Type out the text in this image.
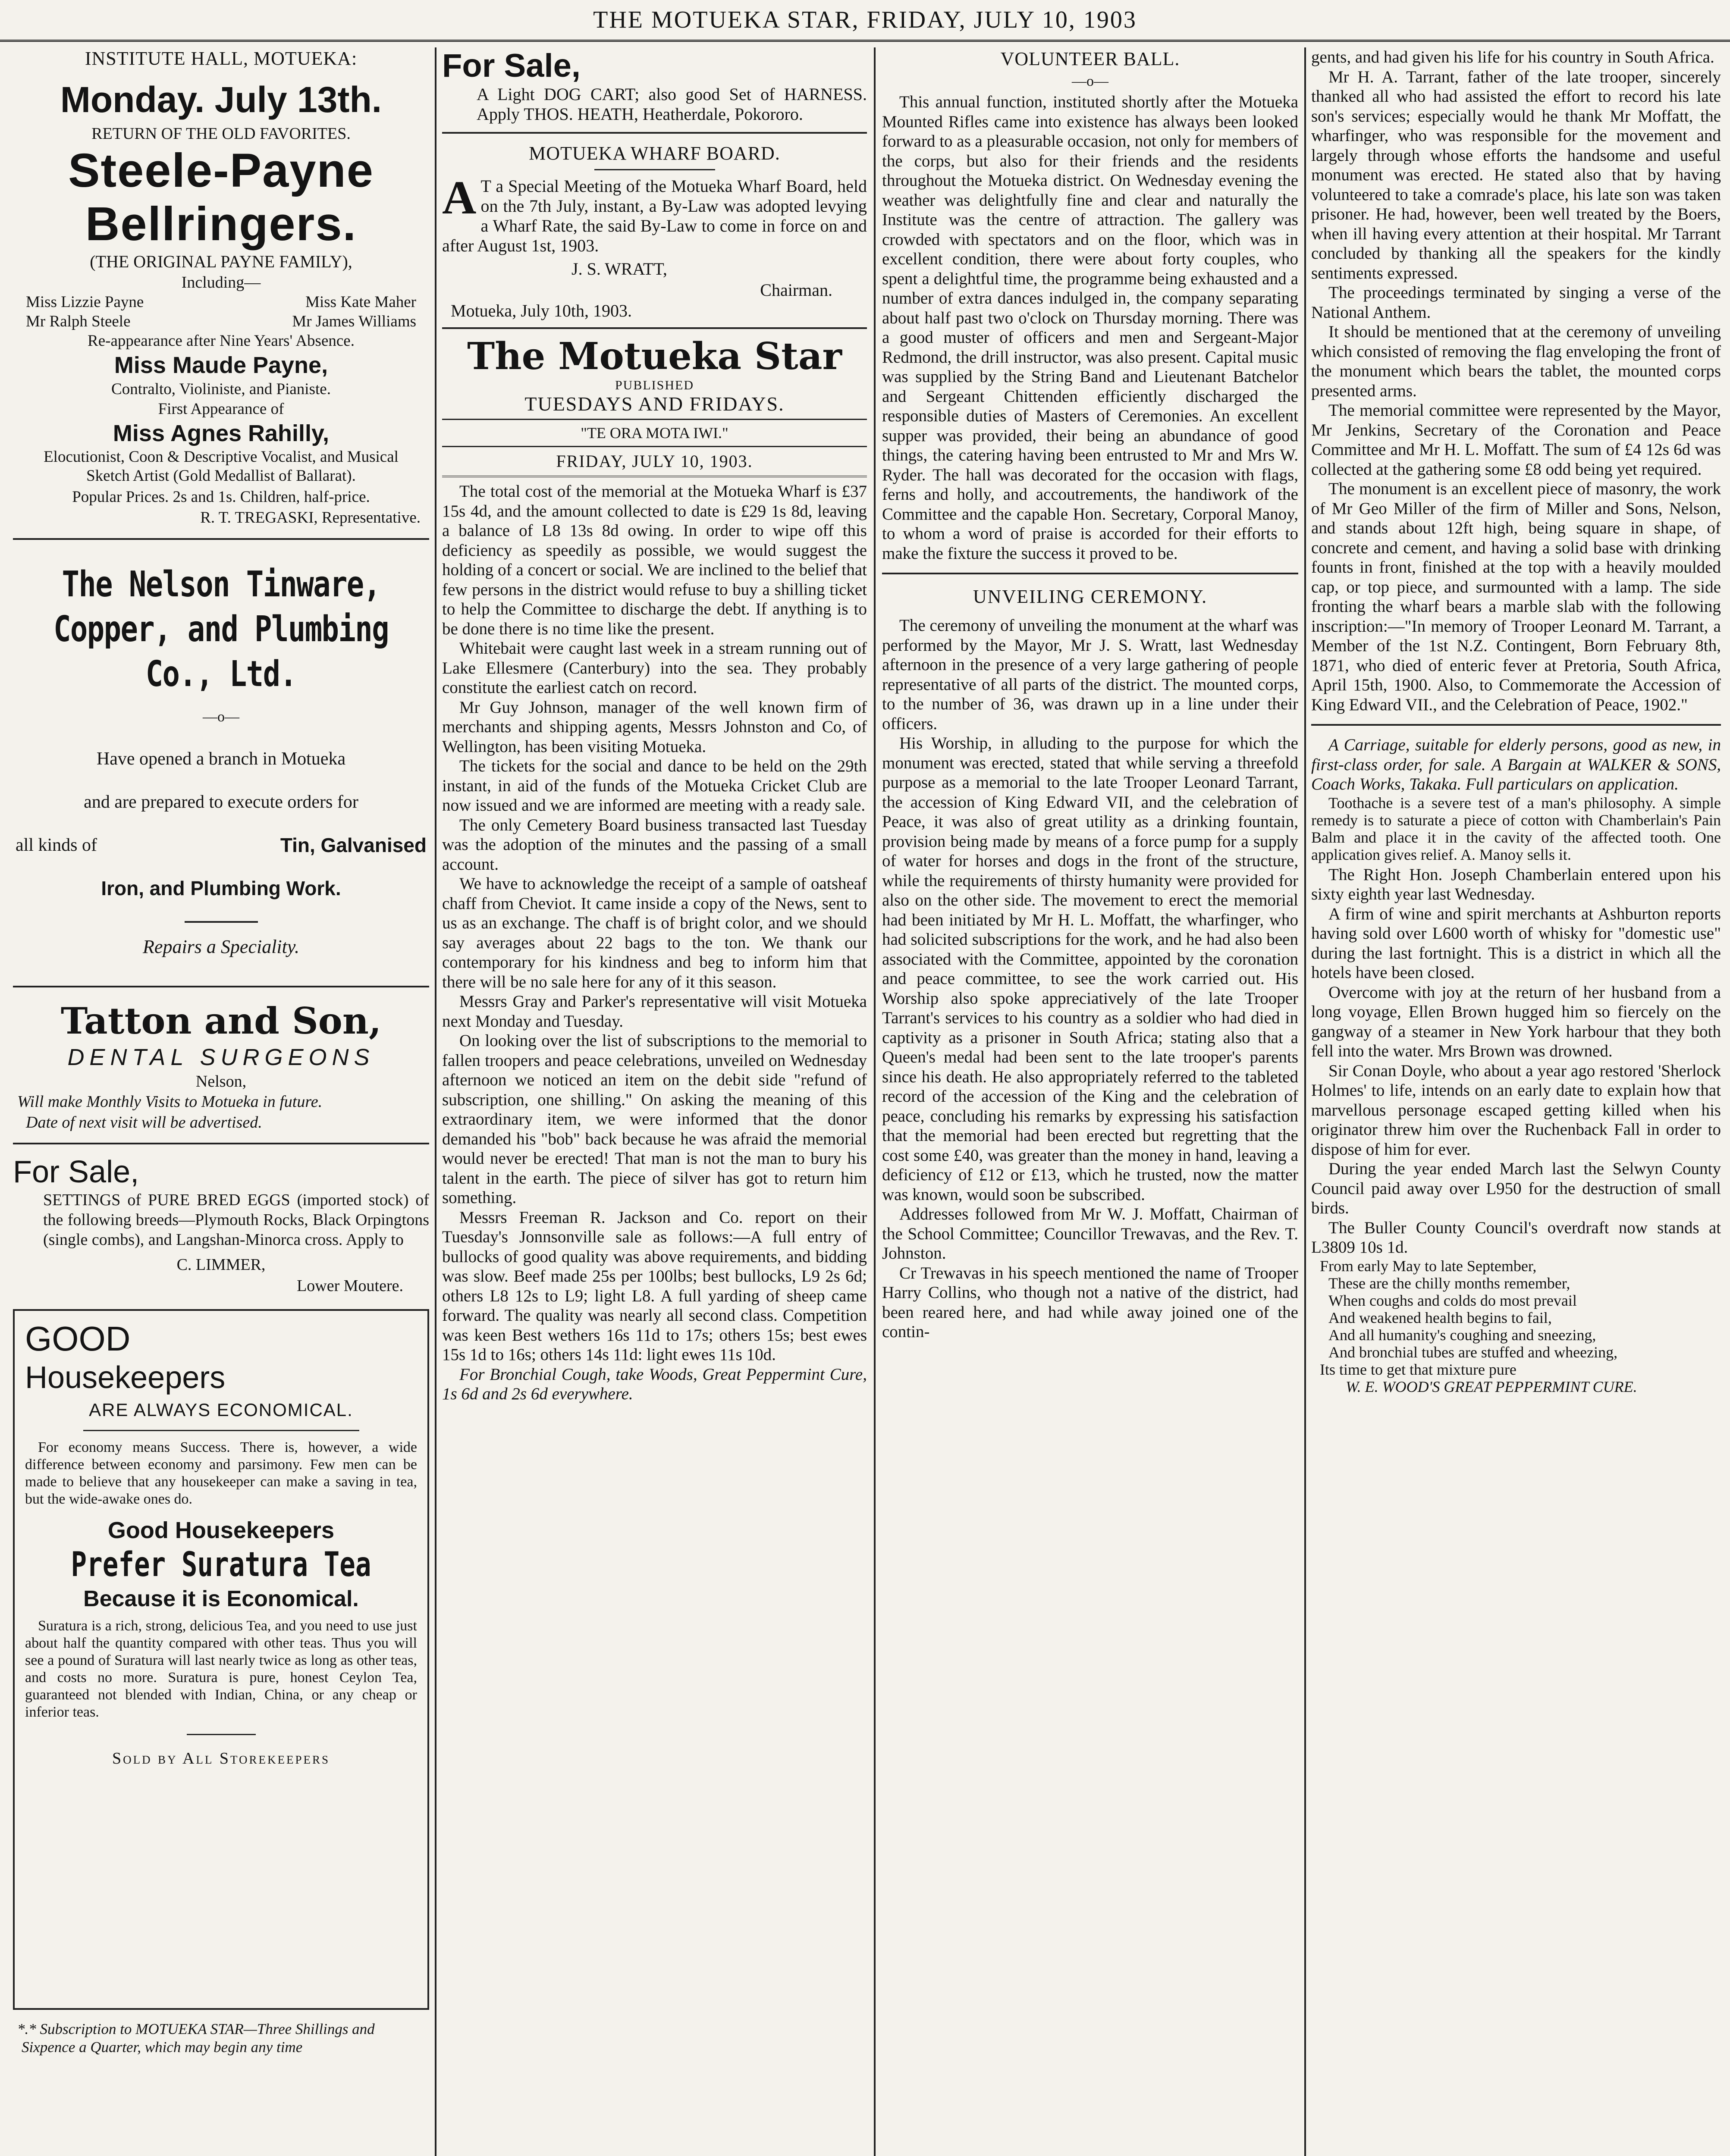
THE MOTUEKA STAR, FRIDAY, JULY 10, 1903
INSTITUTE HALL, MOTUEKA:
Monday. July 13th.
RETURN OF THE OLD FAVORITES.
Steele-Payne
Bellringers.
(THE ORIGINAL PAYNE FAMILY),
Including—
Miss Lizzie Payne	Miss Kate Maher
Mr Ralph Steele	Mr James Williams
Re-appearance after Nine Years' Absence.
Miss Maude Payne,
Contralto, Violiniste, and Pianiste.
First Appearance of
Miss Agnes Rahilly,
Elocutionist, Coon & Descriptive Vocalist, and Musical Sketch Artist (Gold Medallist of Ballarat).
Popular Prices. 2s and 1s. Children, half-price.
R. T. TREGASKI, Representative.
The Nelson Tinware,
Copper, and Plumbing
Co., Ltd.
—o—
Have opened a branch in Motueka
and are prepared to execute orders for
all kinds of	Tin, Galvanised
Iron, and Plumbing Work.
Repairs a Speciality.
Tatton and Son,
DENTAL SURGEONS
Nelson,
Will make Monthly Visits to Motueka in future.
Date of next visit will be advertised.
For Sale,
SETTINGS of PURE BRED EGGS (imported stock) of the following breeds—Plymouth Rocks, Black Orpingtons (single combs), and Langshan-Minorca cross. Apply to
C. LIMMER,
Lower Moutere.
GOOD
Housekeepers
ARE ALWAYS ECONOMICAL.
For economy means Success. There is, however, a wide difference between economy and parsimony. Few men can be made to believe that any housekeeper can make a saving in tea, but the wide-awake ones do.
Good Housekeepers
Prefer Suratura Tea
Because it is Economical.
Suratura is a rich, strong, delicious Tea, and you need to use just about half the quantity compared with other teas. Thus you will see a pound of Suratura will last nearly twice as long as other teas, and costs no more. Suratura is pure, honest Ceylon Tea, guaranteed not blended with Indian, China, or any cheap or inferior teas.
Sold by All Storekeepers
*.* Subscription to MOTUEKA STAR—Three Shillings and Sixpence a Quarter, which may begin any time
For Sale,
A Light DOG CART; also good Set of HARNESS. Apply THOS. HEATH, Heatherdale, Pokororo.
MOTUEKA WHARF BOARD.
A T a Special Meeting of the Motueka Wharf Board, held on the 7th July, instant, a By-Law was adopted levying a Wharf Rate, the said By-Law to come in force on and after August 1st, 1903.
J. S. WRATT,
Chairman.
Motueka, July 10th, 1903.
The Motueka Star
PUBLISHED
TUESDAYS AND FRIDAYS.
"TE ORA MOTA IWI."
FRIDAY, JULY 10, 1903.

The total cost of the memorial at the Motueka Wharf is £37 15s 4d, and the amount collected to date is £29 1s 8d, leaving a balance of L8 13s 8d owing. In order to wipe off this deficiency as speedily as possible, we would suggest the holding of a concert or social. We are inclined to the belief that few persons in the district would refuse to buy a shilling ticket to help the Committee to discharge the debt. If anything is to be done there is no time like the present.

Whitebait were caught last week in a stream running out of Lake Ellesmere (Canterbury) into the sea. They probably constitute the earliest catch on record.

Mr Guy Johnson, manager of the well known firm of merchants and shipping agents, Messrs Johnston and Co, of Wellington, has been visiting Motueka.

The tickets for the social and dance to be held on the 29th instant, in aid of the funds of the Motueka Cricket Club are now issued and we are informed are meeting with a ready sale.

The only Cemetery Board business transacted last Tuesday was the adoption of the minutes and the passing of a small account.

We have to acknowledge the receipt of a sample of oatsheaf chaff from Cheviot. It came inside a copy of the News, sent to us as an exchange. The chaff is of bright color, and we should say averages about 22 bags to the ton. We thank our contemporary for his kindness and beg to inform him that there will be no sale here for any of it this season.

Messrs Gray and Parker's representative will visit Motueka next Monday and Tuesday.

On looking over the list of subscriptions to the memorial to fallen troopers and peace celebrations, unveiled on Wednesday afternoon we noticed an item on the debit side "refund of subscription, one shilling." On asking the meaning of this extraordinary item, we were informed that the donor demanded his "bob" back because he was afraid the memorial would never be erected! That man is not the man to bury his talent in the earth. The piece of silver has got to return him something.

Messrs Freeman R. Jackson and Co. report on their Tuesday's Jonnsonville sale as follows:—A full entry of bullocks of good quality was above requirements, and bidding was slow. Beef made 25s per 100lbs; best bullocks, L9 2s 6d; others L8 12s to L9; light L8. A full yarding of sheep came forward. The quality was nearly all second class. Competition was keen Best wethers 16s 11d to 17s; others 15s; best ewes 15s 1d to 16s; others 14s 11d: light ewes 11s 10d.

For Bronchial Cough, take Woods, Great Peppermint Cure, 1s 6d and 2s 6d everywhere.

VOLUNTEER BALL.
—o—

This annual function, instituted shortly after the Motueka Mounted Rifles came into existence has always been looked forward to as a pleasurable occasion, not only for members of the corps, but also for their friends and the residents throughout the Motueka district. On Wednesday evening the weather was delightfully fine and clear and naturally the Institute was the centre of attraction. The gallery was crowded with spectators and on the floor, which was in excellent condition, there were about forty couples, who spent a delightful time, the programme being exhausted and a number of extra dances indulged in, the company separating about half past two o'clock on Thursday morning. There was a good muster of officers and men and Sergeant-Major Redmond, the drill instructor, was also present. Capital music was supplied by the String Band and Lieutenant Batchelor and Sergeant Chittenden efficiently discharged the responsible duties of Masters of Ceremonies. An excellent supper was provided, their being an abundance of good things, the catering having been entrusted to Mr and Mrs W. Ryder. The hall was decorated for the occasion with flags, ferns and holly, and accoutrements, the handiwork of the Committee and the capable Hon. Secretary, Corporal Manoy, to whom a word of praise is accorded for their efforts to make the fixture the success it proved to be.

UNVEILING CEREMONY.

The ceremony of unveiling the monument at the wharf was performed by the Mayor, Mr J. S. Wratt, last Wednesday afternoon in the presence of a very large gathering of people representative of all parts of the district. The mounted corps, to the number of 36, was drawn up in a line under their officers.

His Worship, in alluding to the purpose for which the monument was erected, stated that while serving a threefold purpose as a memorial to the late Trooper Leonard Tarrant, the accession of King Edward VII, and the celebration of Peace, it was also of great utility as a drinking fountain, provision being made by means of a force pump for a supply of water for horses and dogs in the front of the structure, while the requirements of thirsty humanity were provided for also on the other side. The movement to erect the memorial had been initiated by Mr H. L. Moffatt, the wharfinger, who had solicited subscriptions for the work, and he had also been associated with the Committee, appointed by the coronation and peace committee, to see the work carried out. His Worship also spoke appreciatively of the late Trooper Tarrant's services to his country as a soldier who had died in captivity as a prisoner in South Africa; stating also that a Queen's medal had been sent to the late trooper's parents since his death. He also appropriately referred to the tableted record of the accession of the King and the celebration of peace, concluding his remarks by expressing his satisfaction that the memorial had been erected but regretting that the cost some £40, was greater than the money in hand, leaving a deficiency of £12 or £13, which he trusted, now the matter was known, would soon be subscribed.

Addresses followed from Mr W. J. Moffatt, Chairman of the School Committee; Councillor Trewavas, and the Rev. T. Johnston.

Cr Trewavas in his speech mentioned the name of Trooper Harry Collins, who though not a native of the district, had been reared here, and had while away joined one of the contin-

gents, and had given his life for his country in South Africa.

Mr H. A. Tarrant, father of the late trooper, sincerely thanked all who had assisted the effort to record his late son's services; especially would he thank Mr Moffatt, the wharfinger, who was responsible for the movement and largely through whose efforts the handsome and useful monument was erected. He stated also that by having volunteered to take a comrade's place, his late son was taken prisoner. He had, however, been well treated by the Boers, when ill having every attention at their hospital. Mr Tarrant concluded by thanking all the speakers for the kindly sentiments expressed.

The proceedings terminated by singing a verse of the National Anthem.

It should be mentioned that at the ceremony of unveiling which consisted of removing the flag enveloping the front of the monument which bears the tablet, the mounted corps presented arms.

The memorial committee were represented by the Mayor, Mr Jenkins, Secretary of the Coronation and Peace Committee and Mr H. L. Moffatt. The sum of £4 12s 6d was collected at the gathering some £8 odd being yet required.

The monument is an excellent piece of masonry, the work of Mr Geo Miller of the firm of Miller and Sons, Nelson, and stands about 12ft high, being square in shape, of concrete and cement, and having a solid base with drinking founts in front, finished at the top with a heavily moulded cap, or top piece, and surmounted with a lamp. The side fronting the wharf bears a marble slab with the following inscription:—"In memory of Trooper Leonard M. Tarrant, a Member of the 1st N.Z. Contingent, Born February 8th, 1871, who died of enteric fever at Pretoria, South Africa, April 15th, 1900. Also, to Commemorate the Accession of King Edward VII., and the Celebration of Peace, 1902."

A Carriage, suitable for elderly persons, good as new, in first-class order, for sale. A Bargain at WALKER & SONS, Coach Works, Takaka. Full particulars on application.

Toothache is a severe test of a man's philosophy. A simple remedy is to saturate a piece of cotton with Chamberlain's Pain Balm and place it in the cavity of the affected tooth. One application gives relief. A. Manoy sells it.

The Right Hon. Joseph Chamberlain entered upon his sixty eighth year last Wednesday.

A firm of wine and spirit merchants at Ashburton reports having sold over L600 worth of whisky for "domestic use" during the last fortnight. This is a district in which all the hotels have been closed.

Overcome with joy at the return of her husband from a long voyage, Ellen Brown hugged him so fiercely on the gangway of a steamer in New York harbour that they both fell into the water. Mrs Brown was drowned.

Sir Conan Doyle, who about a year ago restored 'Sherlock Holmes' to life, intends on an early date to explain how that marvellous personage escaped getting killed when his originator threw him over the Ruchenback Fall in order to dispose of him for ever.

During the year ended March last the Selwyn County Council paid away over L950 for the destruction of small birds.

The Buller County Council's overdraft now stands at L3809 10s 1d.

From early May to late September,
These are the chilly months remember,
When coughs and colds do most prevail
And weakened health begins to fail,
And all humanity's coughing and sneezing,
And bronchial tubes are stuffed and wheezing,
Its time to get that mixture pure
W. E. WOOD'S GREAT PEPPERMINT CURE.
